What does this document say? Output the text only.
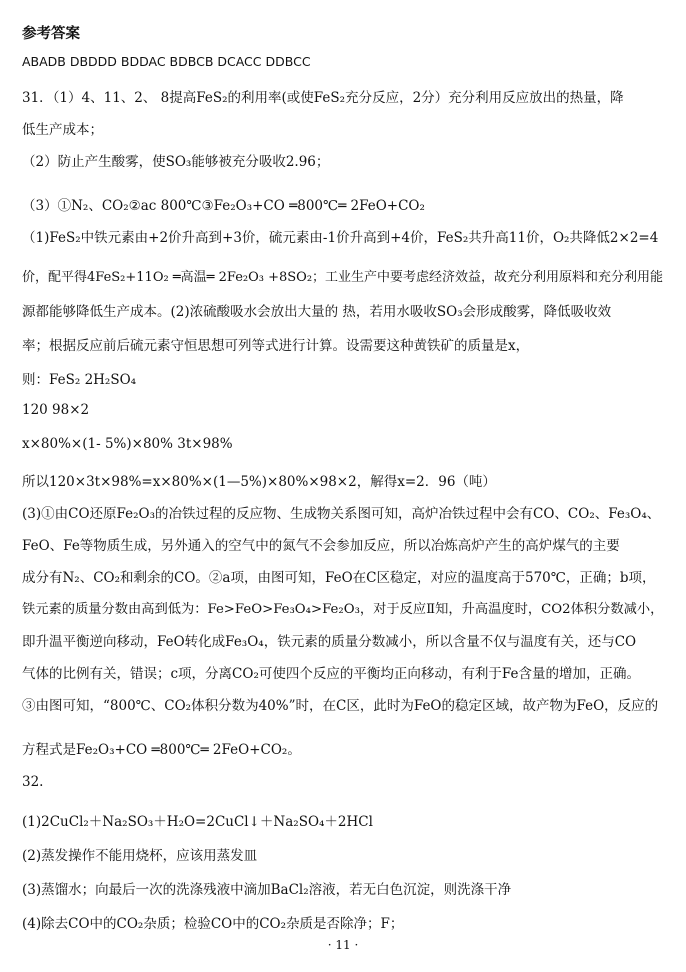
参考答案
ABADB DBDDD BDDAC BDBCB DCACC DDBCC
31．（1）4、11、2、 8提高FeS₂的利用率(或使FeS₂充分反应，2分）充分利用反应放出的热量，降
低生产成本；
（2）防止产生酸雾，使SO₃能够被充分吸收2.96；
（3）①N₂、CO₂②ac 800℃③Fe₂O₃+CO ═800℃═ 2FeO+CO₂
（1)FeS₂中铁元素由+2价升高到+3价，硫元素由-1价升高到+4价，FeS₂共升高11价，O₂共降低2×2=4
价，配平得4FeS₂+11O₂ ═高温═ 2Fe₂O₃ +8SO₂；工业生产中要考虑经济效益，故充分利用原料和充分利用能
源都能够降低生产成本。(2)浓硫酸吸水会放出大量的 热，若用水吸收SO₃会形成酸雾，降低吸收效
率；根据反应前后硫元素守恒思想可列等式进行计算。设需要这种黄铁矿的质量是x，
则：FeS₂ 2H₂SO₄
120 98×2
x×80%×(1- 5%)×80% 3t×98%
所以120×3t×98%=x×80%×(1—5%)×80%×98×2，解得x=2．96（吨）
(3)①由CO还原Fe₂O₃的冶铁过程的反应物、生成物关系图可知，高炉冶铁过程中会有CO、CO₂、Fe₃O₄、
FeO、Fe等物质生成，另外通入的空气中的氮气不会参加反应，所以冶炼高炉产生的高炉煤气的主要
成分有N₂、CO₂和剩余的CO。②a项，由图可知，FeO在C区稳定，对应的温度高于570℃，正确；b项，
铁元素的质量分数由高到低为：Fe>FeO>Fe₃O₄>Fe₂O₃，对于反应Ⅱ知，升高温度时，CO2体积分数减小，
即升温平衡逆向移动，FeO转化成Fe₃O₄，铁元素的质量分数减小，所以含量不仅与温度有关，还与CO
气体的比例有关，错误；c项，分离CO₂可使四个反应的平衡均正向移动，有利于Fe含量的增加，正确。
③由图可知，“800℃、CO₂体积分数为40%”时，在C区，此时为FeO的稳定区域，故产物为FeO，反应的
方程式是Fe₂O₃+CO ═800℃═ 2FeO+CO₂。
32.
(1)2CuCl₂＋Na₂SO₃＋H₂O=2CuCl↓＋Na₂SO₄＋2HCl
(2)蒸发操作不能用烧杯，应该用蒸发皿
(3)蒸馏水；向最后一次的洗涤残液中滴加BaCl₂溶液，若无白色沉淀，则洗涤干净
(4)除去CO中的CO₂杂质；检验CO中的CO₂杂质是否除净；F；
· 11 ·
